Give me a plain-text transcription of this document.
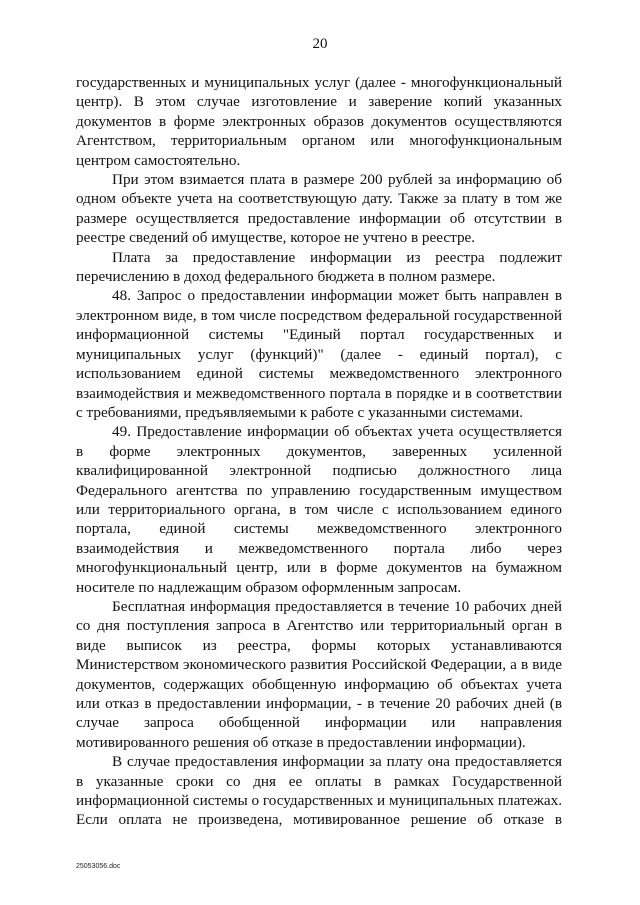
20

государственных и муниципальных услуг (далее - многофункциональный центр). В этом случае изготовление и заверение копий указанных документов в форме электронных образов документов осуществляются Агентством, территориальным органом или многофункциональным центром самостоятельно.

При этом взимается плата в размере 200 рублей за информацию об одном объекте учета на соответствующую дату. Также за плату в том же размере осуществляется предоставление информации об отсутствии в реестре сведений об имуществе, которое не учтено в реестре.

Плата за предоставление информации из реестра подлежит перечислению в доход федерального бюджета в полном размере.

48. Запрос о предоставлении информации может быть направлен в электронном виде, в том числе посредством федеральной государственной информационной системы "Единый портал государственных и муниципальных услуг (функций)" (далее - единый портал), с использованием единой системы межведомственного электронного взаимодействия и межведомственного портала в порядке и в соответствии с требованиями, предъявляемыми к работе с указанными системами.

49. Предоставление информации об объектах учета осуществляется в форме электронных документов, заверенных усиленной квалифицированной электронной подписью должностного лица Федерального агентства по управлению государственным имуществом или территориального органа, в том числе с использованием единого портала, единой системы межведомственного электронного взаимодействия и межведомственного портала либо через многофункциональный центр, или в форме документов на бумажном носителе по надлежащим образом оформленным запросам.

Бесплатная информация предоставляется в течение 10 рабочих дней со дня поступления запроса в Агентство или территориальный орган в виде выписок из реестра, формы которых устанавливаются Министерством экономического развития Российской Федерации, а в виде документов, содержащих обобщенную информацию об объектах учета или отказ в предоставлении информации, - в течение 20 рабочих дней (в случае запроса обобщенной информации или направления мотивированного решения об отказе в предоставлении информации).

В случае предоставления информации за плату она предоставляется в указанные сроки со дня ее оплаты в рамках Государственной информационной системы о государственных и муниципальных платежах. Если оплата не произведена, мотивированное решение об отказе в

25053056.doc
